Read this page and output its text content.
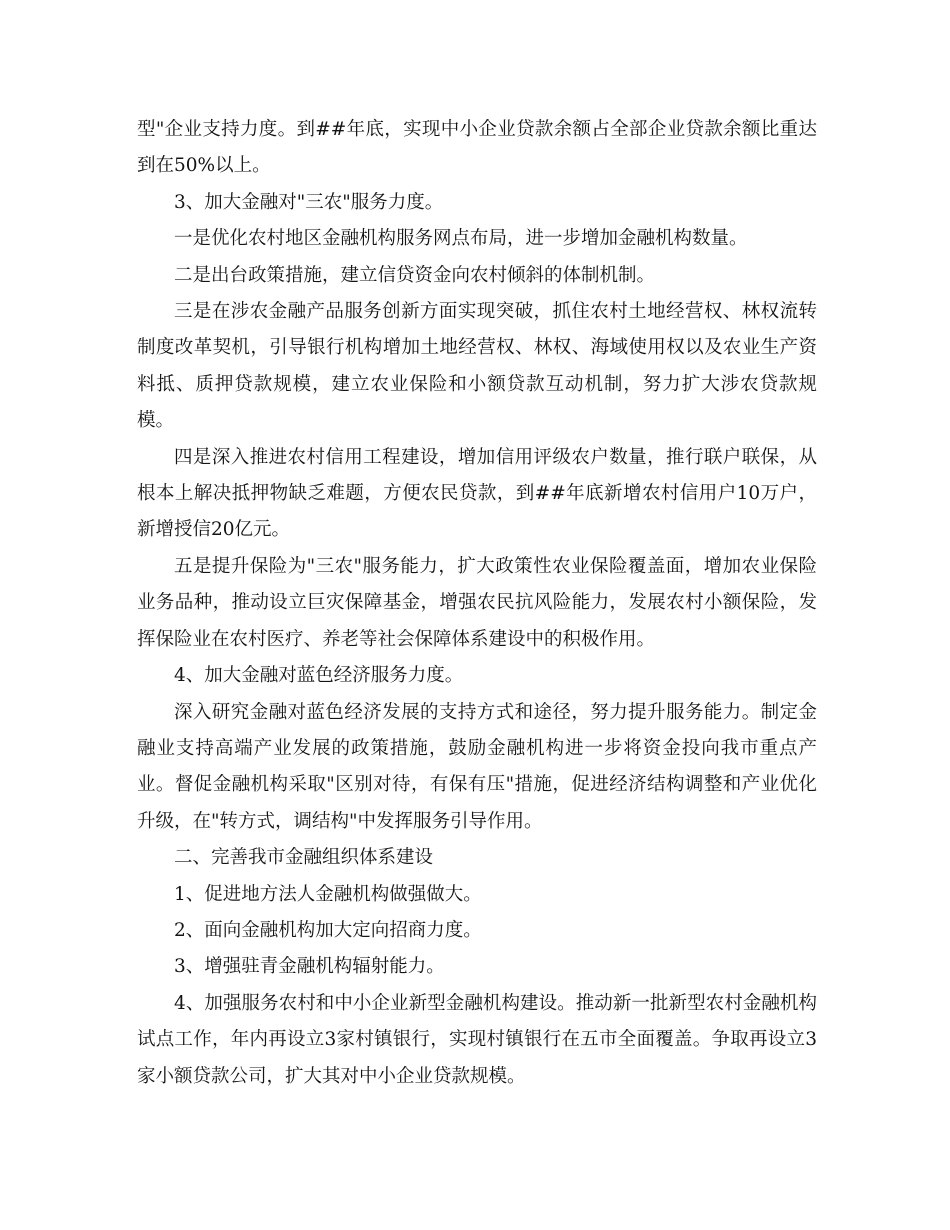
型"企业支持力度。到##年底，实现中小企业贷款余额占全部企业贷款余额比重达到在50%以上。

3、加大金融对"三农"服务力度。

一是优化农村地区金融机构服务网点布局，进一步增加金融机构数量。

二是出台政策措施，建立信贷资金向农村倾斜的体制机制。

三是在涉农金融产品服务创新方面实现突破，抓住农村土地经营权、林权流转制度改革契机，引导银行机构增加土地经营权、林权、海域使用权以及农业生产资料抵、质押贷款规模，建立农业保险和小额贷款互动机制，努力扩大涉农贷款规模。

四是深入推进农村信用工程建设，增加信用评级农户数量，推行联户联保，从根本上解决抵押物缺乏难题，方便农民贷款，到##年底新增农村信用户10万户，新增授信20亿元。

五是提升保险为"三农"服务能力，扩大政策性农业保险覆盖面，增加农业保险业务品种，推动设立巨灾保障基金，增强农民抗风险能力，发展农村小额保险，发挥保险业在农村医疗、养老等社会保障体系建设中的积极作用。

4、加大金融对蓝色经济服务力度。

深入研究金融对蓝色经济发展的支持方式和途径，努力提升服务能力。制定金融业支持高端产业发展的政策措施，鼓励金融机构进一步将资金投向我市重点产业。督促金融机构采取"区别对待，有保有压"措施，促进经济结构调整和产业优化升级，在"转方式，调结构"中发挥服务引导作用。

二、完善我市金融组织体系建设

1、促进地方法人金融机构做强做大。

2、面向金融机构加大定向招商力度。

3、增强驻青金融机构辐射能力。

4、加强服务农村和中小企业新型金融机构建设。推动新一批新型农村金融机构试点工作，年内再设立3家村镇银行，实现村镇银行在五市全面覆盖。争取再设立3家小额贷款公司，扩大其对中小企业贷款规模。
